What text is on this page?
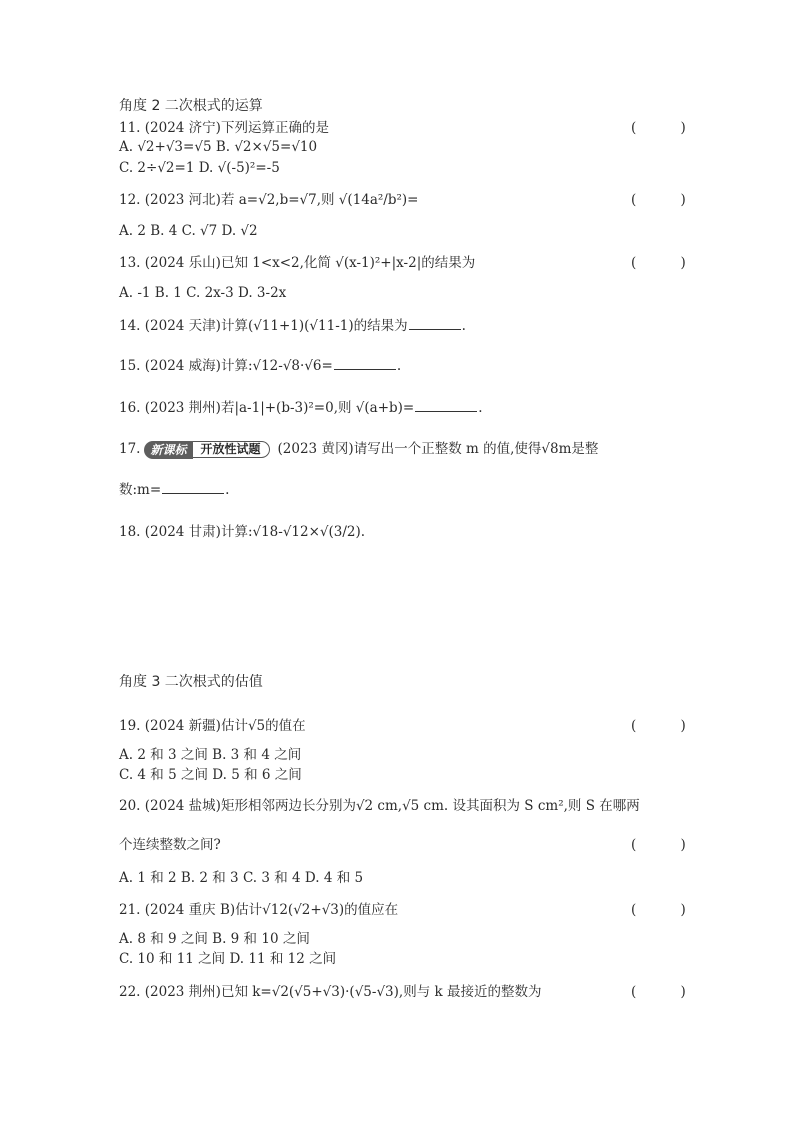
角度 2 二次根式的运算
11. (2024 济宁)下列运算正确的是	( )
A. √2+√3=√5 B. √2×√5=√10
C. 2÷√2=1 D. √(-5)²=-5
12. (2023 河北)若 a=√2,b=√7,则 √(14a²/b²)=	( )
A. 2 B. 4 C. √7 D. √2
13. (2024 乐山)已知 1<x<2,化简 √(x-1)²+|x-2|的结果为	( )
A. -1 B. 1 C. 2x-3 D. 3-2x
14. (2024 天津)计算(√11+1)(√11-1)的结果为	.
15. (2024 威海)计算:√12-√8·√6=	.
16. (2023 荆州)若|a-1|+(b-3)²=0,则 √(a+b)=	.
17. 新课标	开放性试题	(2023 黄冈)请写出一个正整数 m 的值,使得√8m是整
数:m=	.
18. (2024 甘肃)计算:√18-√12×√(3/2).
角度 3 二次根式的估值
19. (2024 新疆)估计√5的值在	( )
A. 2 和 3 之间 B. 3 和 4 之间
C. 4 和 5 之间 D. 5 和 6 之间
20. (2024 盐城)矩形相邻两边长分别为√2 cm,√5 cm. 设其面积为 S cm²,则 S 在哪两
个连续整数之间?	( )
A. 1 和 2 B. 2 和 3 C. 3 和 4 D. 4 和 5
21. (2024 重庆 B)估计√12(√2+√3)的值应在	( )
A. 8 和 9 之间 B. 9 和 10 之间
C. 10 和 11 之间 D. 11 和 12 之间
22. (2023 荆州)已知 k=√2(√5+√3)·(√5-√3),则与 k 最接近的整数为	( )
